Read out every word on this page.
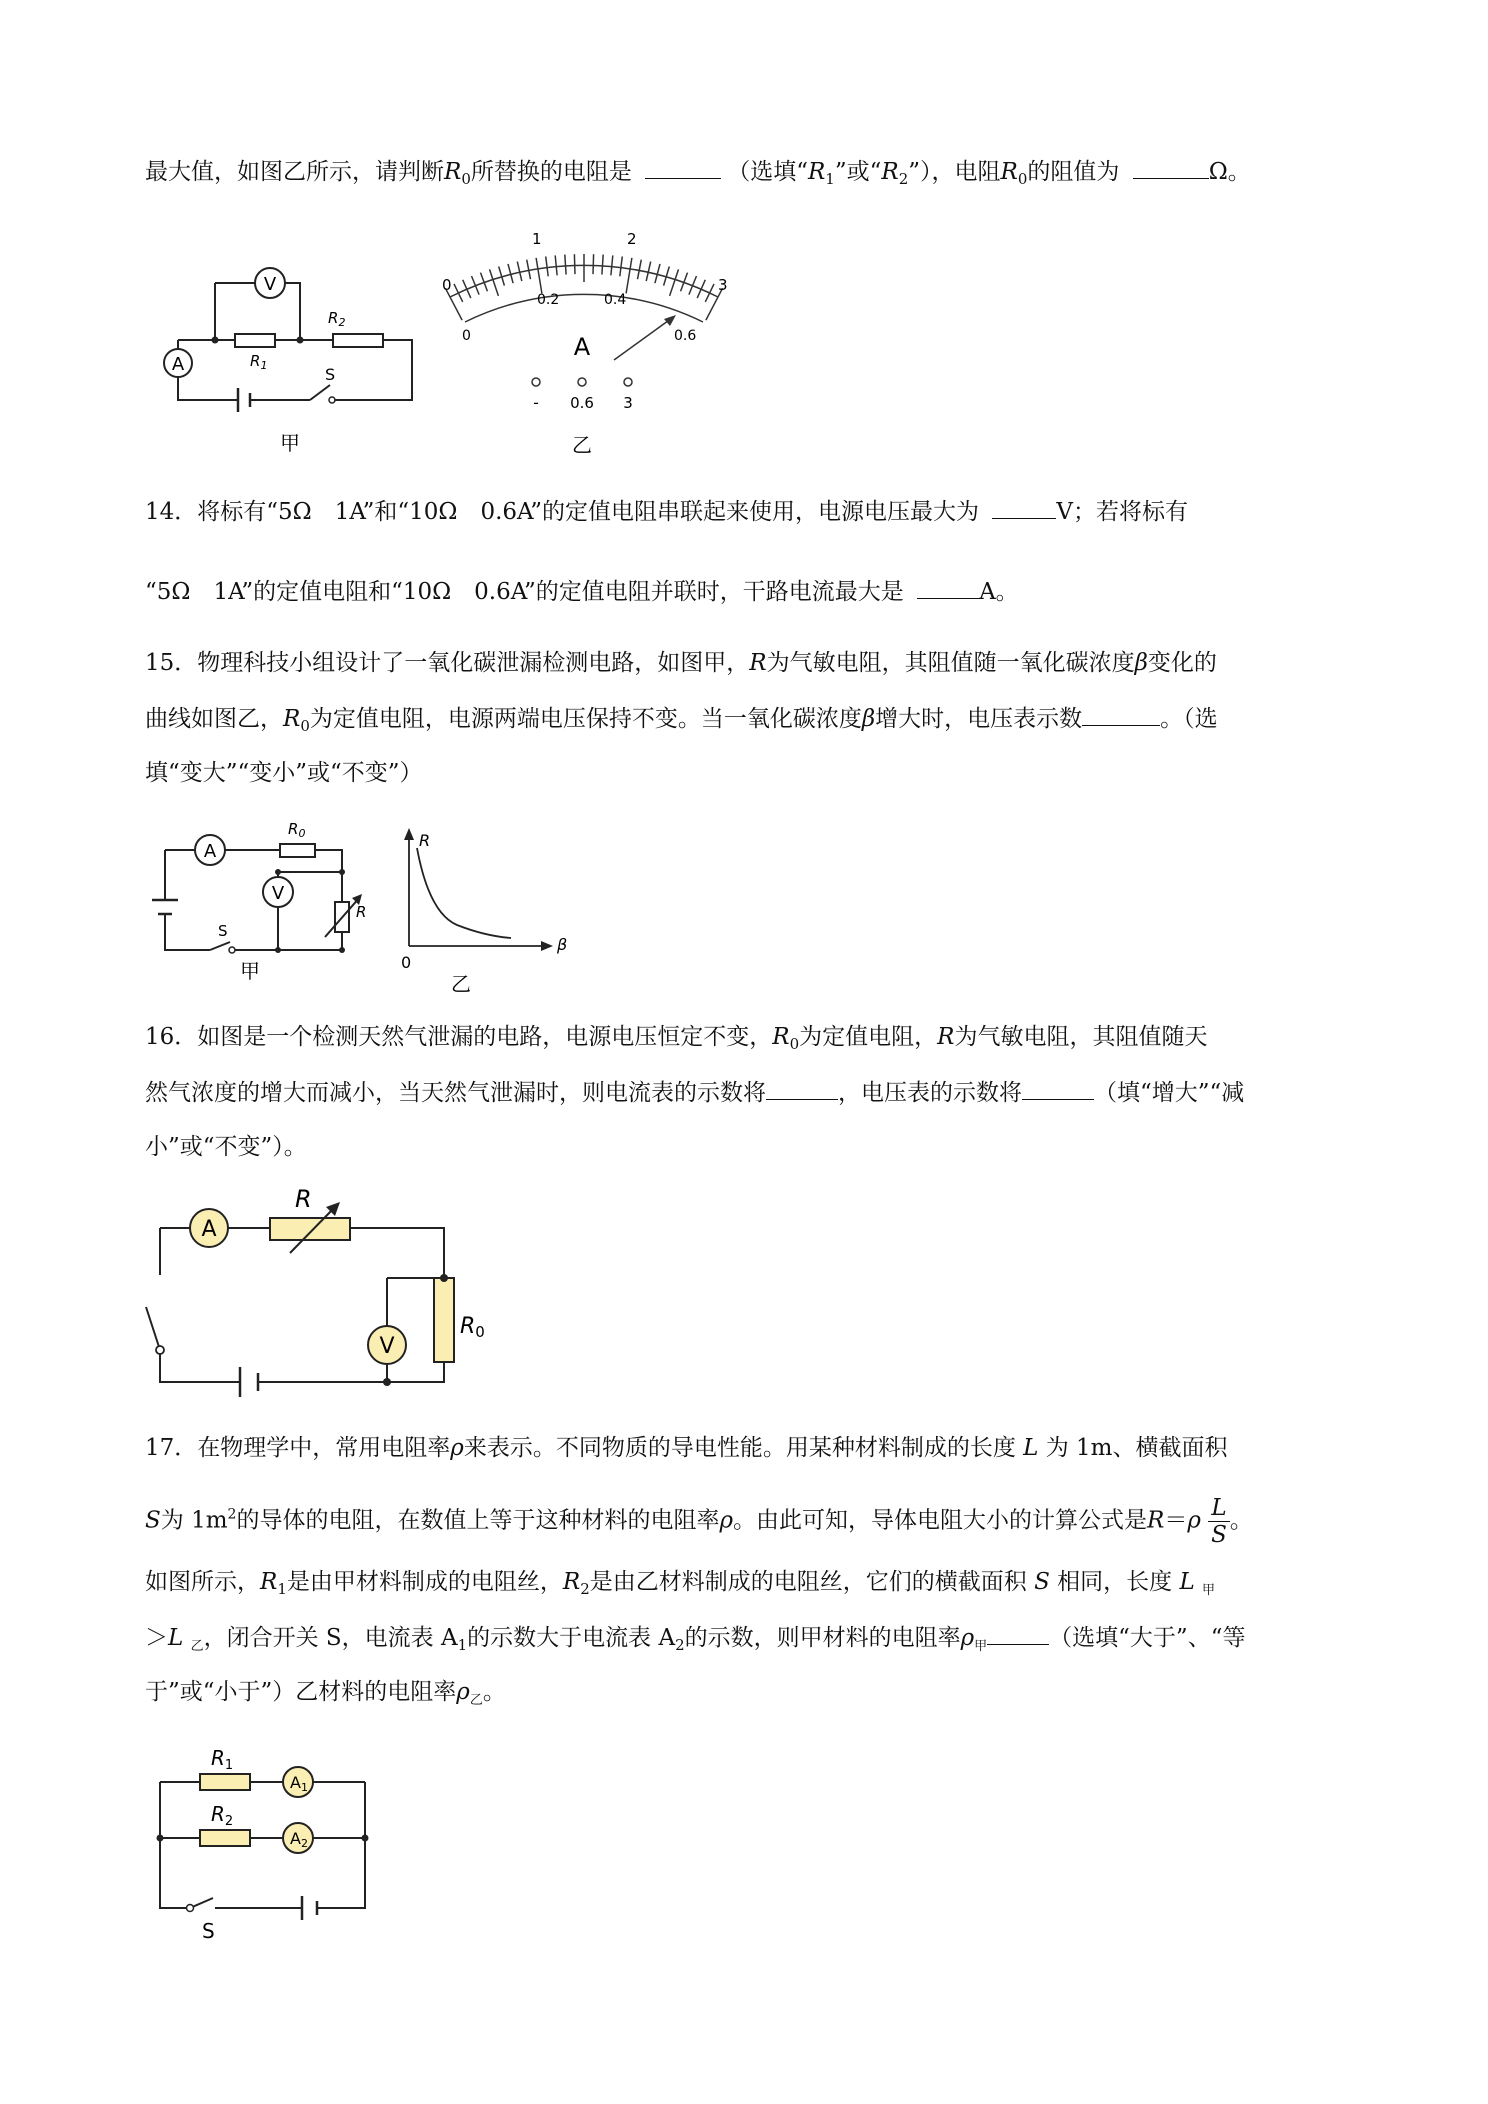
最大值，如图乙所示，请判断$R_0$所替换的电阻是	（选填“$R_1$”或“$R_2$”），电阻$R_0$的阻值为	Ω。
V
A	$R_1$
$R_2$
S
甲
0
1	2
3
0
0.2	0.4
0.6
A
- 0.6 3
乙
14．将标有“5Ω　1A”和“10Ω　0.6A”的定值电阻串联起来使用，电源电压最大为	V；若将标有
“5Ω　1A”的定值电阻和“10Ω　0.6A”的定值电阻并联时，干路电流最大是	A。
15．物理科技小组设计了一氧化碳泄漏检测电路，如图甲，R为气敏电阻，其阻值随一氧化碳浓度β变化的
曲线如图乙，$R_0$为定值电阻，电源两端电压保持不变。当一氧化碳浓度β增大时，电压表示数	。（选
填“变大”“变小”或“不变”）
A
V
$R_0$
R
S
甲
R
β
0
乙
16．如图是一个检测天然气泄漏的电路，电源电压恒定不变，$R_0$为定值电阻，R为气敏电阻，其阻值随天
然气浓度的增大而减小，当天然气泄漏时，则电流表的示数将	，电压表的示数将	（填“增大”“减
小”或“不变”）。
A
V
R
R0
17．在物理学中，常用电阻率ρ来表示。不同物质的导电性能。用某种材料制成的长度 L 为 1m、横截面积
S为 $1m^2$的导体的电阻，在数值上等于这种材料的电阻率ρ。由此可知，导体电阻大小的计算公式是$R=\rho \frac{L}{S}$ 。
如图所示，$R_1$是由甲材料制成的电阻丝，$R_2$是由乙材料制成的电阻丝，它们的横截面积 S 相同，长度 L $_甲$
＞L $_乙$，闭合开关 S，电流表 $A_1$的示数大于电流表 $A_2$的示数，则甲材料的电阻率$\rho_甲$	（选填“大于”、“等
于”或“小于”）乙材料的电阻率$\rho_乙$。
$R_1$
$R_2$
A1
A2
S
